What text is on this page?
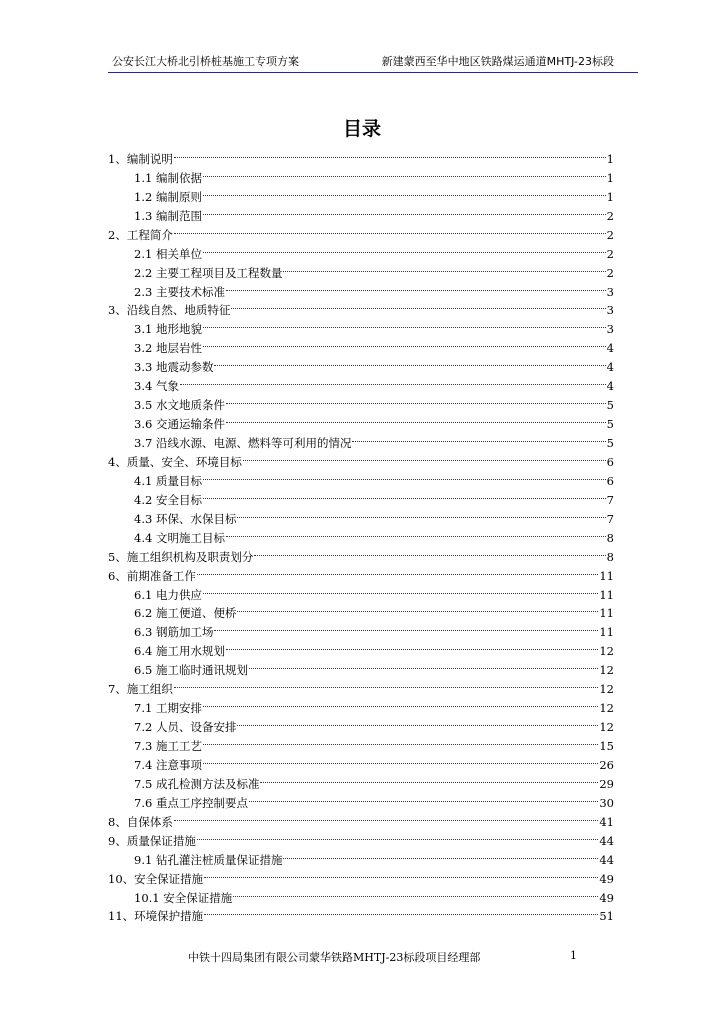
公安长江大桥北引桥桩基施工专项方案	新建蒙西至华中地区铁路煤运通道MHTJ-23标段
目录
1、编制说明	1
1.1 编制依据	1
1.2 编制原则	1
1.3 编制范围	2
2、工程简介	2
2.1 相关单位	2
2.2 主要工程项目及工程数量	2
2.3 主要技术标准	3
3、沿线自然、地质特征	3
3.1 地形地貌	3
3.2 地层岩性	4
3.3 地震动参数	4
3.4 气象	4
3.5 水文地质条件	5
3.6 交通运输条件	5
3.7 沿线水源、电源、燃料等可利用的情况	5
4、质量、安全、环境目标	6
4.1 质量目标	6
4.2 安全目标	7
4.3 环保、水保目标	7
4.4 文明施工目标	8
5、施工组织机构及职责划分	8
6、前期准备工作	11
6.1 电力供应	11
6.2 施工便道、便桥	11
6.3 钢筋加工场	11
6.4 施工用水规划	12
6.5 施工临时通讯规划	12
7、施工组织	12
7.1 工期安排	12
7.2 人员、设备安排	12
7.3 施工工艺	15
7.4 注意事项	26
7.5 成孔检测方法及标准	29
7.6 重点工序控制要点	30
8、自保体系	41
9、质量保证措施	44
9.1 钻孔灌注桩质量保证措施	44
10、安全保证措施	49
10.1 安全保证措施	49
11、环境保护措施	51
中铁十四局集团有限公司蒙华铁路MHTJ-23标段项目经理部	1
